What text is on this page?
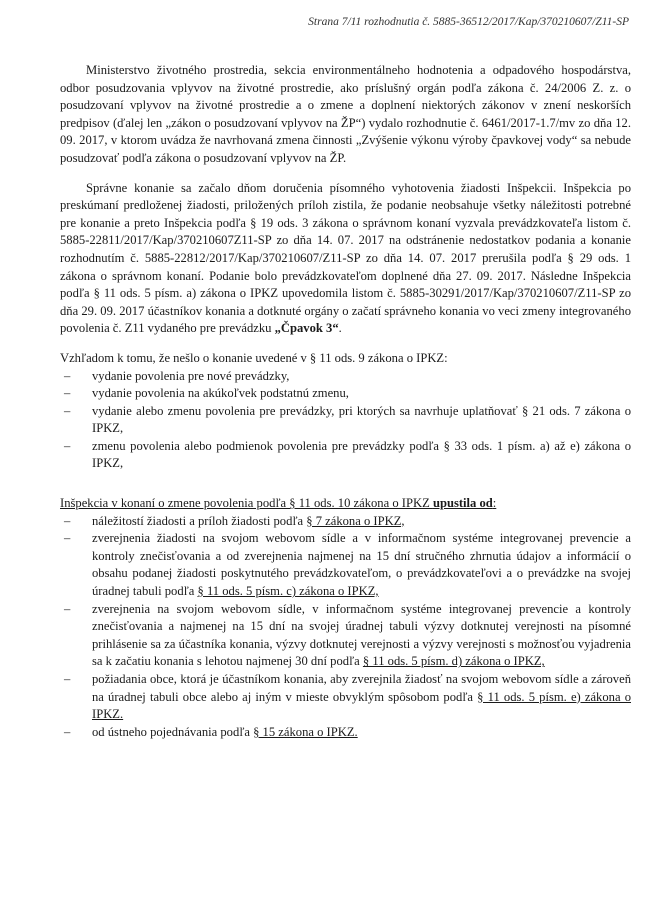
Strana 7/11 rozhodnutia č. 5885-36512/2017/Kap/370210607/Z11-SP

Ministerstvo životného prostredia, sekcia environmentálneho hodnotenia a odpadového hospodárstva, odbor posudzovania vplyvov na životné prostredie, ako príslušný orgán podľa zákona č. 24/2006 Z. z. o posudzovaní vplyvov na životné prostredie a o zmene a doplnení niektorých zákonov v znení neskorších predpisov (ďalej len „zákon o posudzovaní vplyvov na ŽP“) vydalo rozhodnutie č. 6461/2017-1.7/mv zo dňa 12. 09. 2017, v ktorom uvádza že navrhovaná zmena činnosti „Zvýšenie výkonu výroby čpavkovej vody“ sa nebude posudzovať podľa zákona o posudzovaní vplyvov na ŽP.

Správne konanie sa začalo dňom doručenia písomného vyhotovenia žiadosti Inšpekcii. Inšpekcia po preskúmaní predloženej žiadosti, priložených príloh zistila, že podanie neobsahuje všetky náležitosti potrebné pre konanie a preto Inšpekcia podľa § 19 ods. 3 zákona o správnom konaní vyzvala prevádzkovateľa listom č. 5885-22811/2017/Kap/370210607Z11-SP zo dňa 14. 07. 2017 na odstránenie nedostatkov podania a konanie rozhodnutím č. 5885-22812/2017/Kap/370210607/Z11-SP zo dňa 14. 07. 2017 prerušila podľa § 29 ods. 1 zákona o správnom konaní. Podanie bolo prevádzkovateľom doplnené dňa 27. 09. 2017. Následne Inšpekcia podľa § 11 ods. 5 písm. a) zákona o IPKZ upovedomila listom č. 5885-30291/2017/Kap/370210607/Z11-SP zo dňa 29. 09. 2017 účastníkov konania a dotknuté orgány o začatí správneho konania vo veci zmeny integrovaného povolenia č. Z11 vydaného pre prevádzku „Čpavok 3“.

Vzhľadom k tomu, že nešlo o konanie uvedené v § 11 ods. 9 zákona o IPKZ:

– vydanie povolenia pre nové prevádzky,
– vydanie povolenia na akúkoľvek podstatnú zmenu,
– vydanie alebo zmenu povolenia pre prevádzky, pri ktorých sa navrhuje uplatňovať § 21 ods. 7 zákona o IPKZ,
– zmenu povolenia alebo podmienok povolenia pre prevádzky podľa § 33 ods. 1 písm. a) až e) zákona o IPKZ,

Inšpekcia v konaní o zmene povolenia podľa § 11 ods. 10 zákona o IPKZ upustila od:

– náležitostí žiadosti a príloh žiadosti podľa § 7 zákona o IPKZ,
– zverejnenia žiadosti na svojom webovom sídle a v informačnom systéme integrovanej prevencie a kontroly znečisťovania a od zverejnenia najmenej na 15 dní stručného zhrnutia údajov a informácií o obsahu podanej žiadosti poskytnutého prevádzkovateľom, o prevádzkovateľovi a o prevádzke na svojej úradnej tabuli podľa § 11 ods. 5 písm. c) zákona o IPKZ,
– zverejnenia na svojom webovom sídle, v informačnom systéme integrovanej prevencie a kontroly znečisťovania a najmenej na 15 dní na svojej úradnej tabuli výzvy dotknutej verejnosti na písomné prihlásenie sa za účastníka konania, výzvy dotknutej verejnosti a výzvy verejnosti s možnosťou vyjadrenia sa k začatiu konania s lehotou najmenej 30 dní podľa § 11 ods. 5 písm. d) zákona o IPKZ,
– požiadania obce, ktorá je účastníkom konania, aby zverejnila žiadosť na svojom webovom sídle a zároveň na úradnej tabuli obce alebo aj iným v mieste obvyklým spôsobom podľa § 11 ods. 5 písm. e) zákona o IPKZ.
– od ústneho pojednávania podľa § 15 zákona o IPKZ.
